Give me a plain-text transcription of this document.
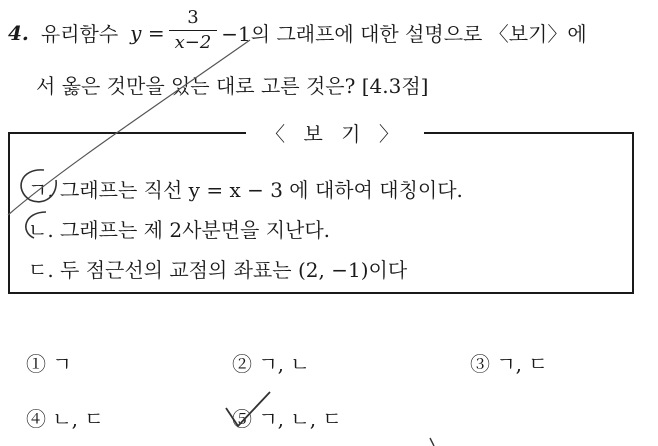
4. 유리함수 $y = \frac{3}{x-2} -1$의 그래프에 대한 설명으로 〈보기〉에
서 옳은 것만을 있는 대로 고른 것은? [4.3점]
〈 보 기 〉
ㄱ. 그래프는 직선 y = x − 3 에 대하여 대칭이다.
ㄴ. 그래프는 제 2사분면을 지난다.
ㄷ. 두 점근선의 교점의 좌표는 (2, −1)이다
① ㄱ	② ㄱ, ㄴ	③ ㄱ, ㄷ
④ ㄴ, ㄷ	⑤ ㄱ, ㄴ, ㄷ
